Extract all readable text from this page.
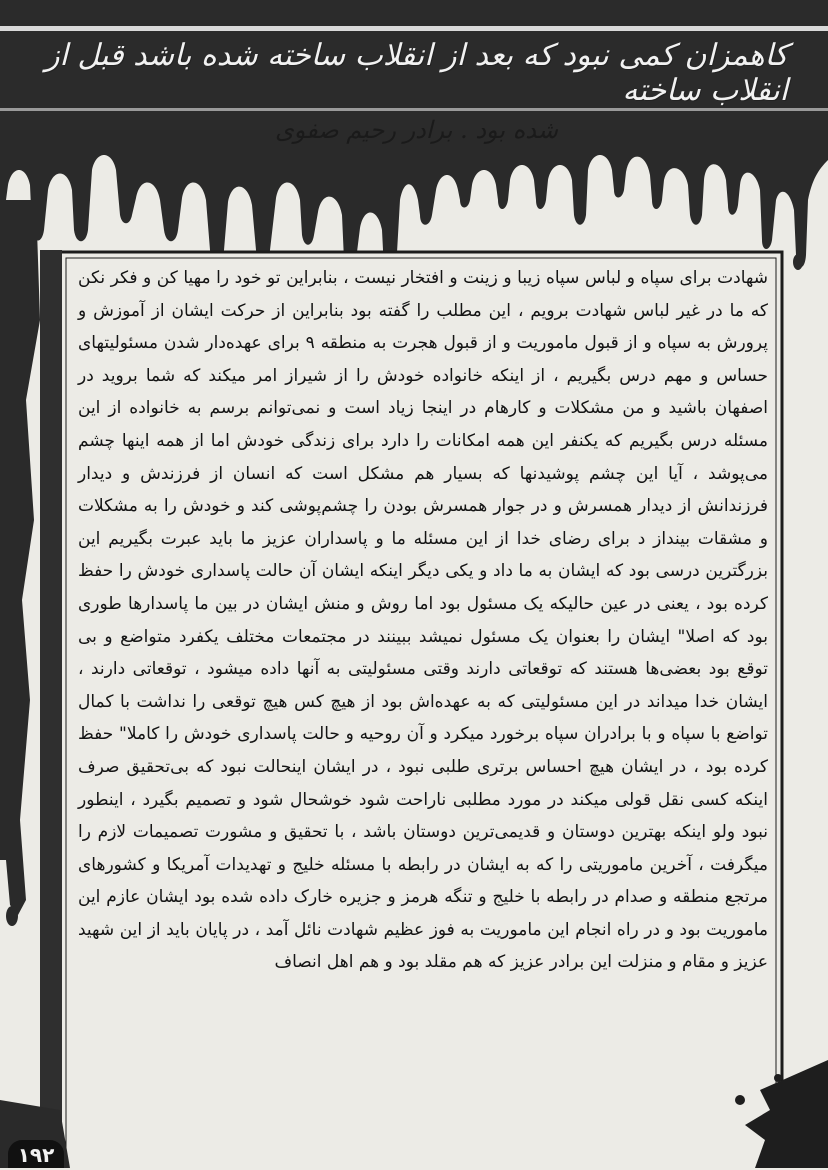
کاهمزان کمی نبود که بعد از انقلاب ساخته شده باشد قبل از انقلاب ساخته
شده بود . برادر رحیم صفوی

شهادت برای سپاه و لباس سپاه زیبا و زینت و افتخار نیست ، بنابراین تو خود را مهیا کن و فکر نکن که ما در غیر لباس شهادت برویم ، این مطلب را گفته بود بنابراین از حرکت ایشان از آموزش و پرورش به سپاه و از قبول ماموریت و از قبول هجرت به منطقه ۹ برای عهده‌دار شدن مسئولیتهای حساس و مهم درس بگیریم ، از اینکه خانواده خودش را از شیراز امر میکند که شما بروید در اصفهان باشید و من مشکلات و کارهام در اینجا زیاد است و نمی‌توانم برسم به خانواده از این مسئله درس بگیریم که یکنفر این همه امکانات را دارد برای زندگی خودش اما از همه اینها چشم می‌پوشد ، آیا این چشم پوشیدنها که بسیار هم مشکل است که انسان از فرزندش و دیدار فرزندانش از دیدار همسرش و در جوار همسرش بودن را چشم‌پوشی کند و خودش را به مشکلات و مشقات بینداز د برای رضای خدا از این مسئله ما و پاسداران عزیز ما باید عبرت بگیریم این بزرگترین درسی بود که ایشان به ما داد و یکی دیگر اینکه ایشان آن حالت پاسداری خودش را حفظ کرده بود ، یعنی در عین حالیکه یک مسئول بود اما روش و منش ایشان در بین ما پاسدارها طوری بود که اصلا" ایشان را بعنوان یک مسئول نمیشد ببینند در مجتمعات مختلف یکفرد متواضع و بی توقع بود بعضی‌ها هستند که توقعاتی دارند وقتی مسئولیتی به آنها داده میشود ، توقعاتی دارند ، ایشان خدا میداند در این مسئولیتی که به عهده‌اش بود از هیچ کس هیچ توقعی را نداشت با کمال تواضع با سپاه و با برادران سپاه برخورد میکرد و آن روحیه و حالت پاسداری خودش را کاملا" حفظ کرده بود ، در ایشان هیچ احساس برتری طلبی نبود ، در ایشان اینحالت نبود که بی‌تحقیق صرف اینکه کسی نقل قولی میکند در مورد مطلبی ناراحت شود خوشحال شود و تصمیم بگیرد ، اینطور نبود ولو اینکه بهترین دوستان و قدیمی‌ترین دوستان باشد ، با تحقیق و مشورت تصمیمات لازم را میگرفت ، آخرین ماموریتی را که به ایشان در رابطه با مسئله خلیج و تهدیدات آمریکا و کشورهای مرتجع منطقه و صدام در رابطه با خلیج و تنگه هرمز و جزیره خارک داده شده بود ایشان عازم این ماموریت بود و در راه انجام این ماموریت به فوز عظیم شهادت نائل آمد ، در پایان باید از این شهید عزیز و مقام و منزلت این برادر عزیز که هم مقلد بود و هم اهل انصاف

۱۹۲
